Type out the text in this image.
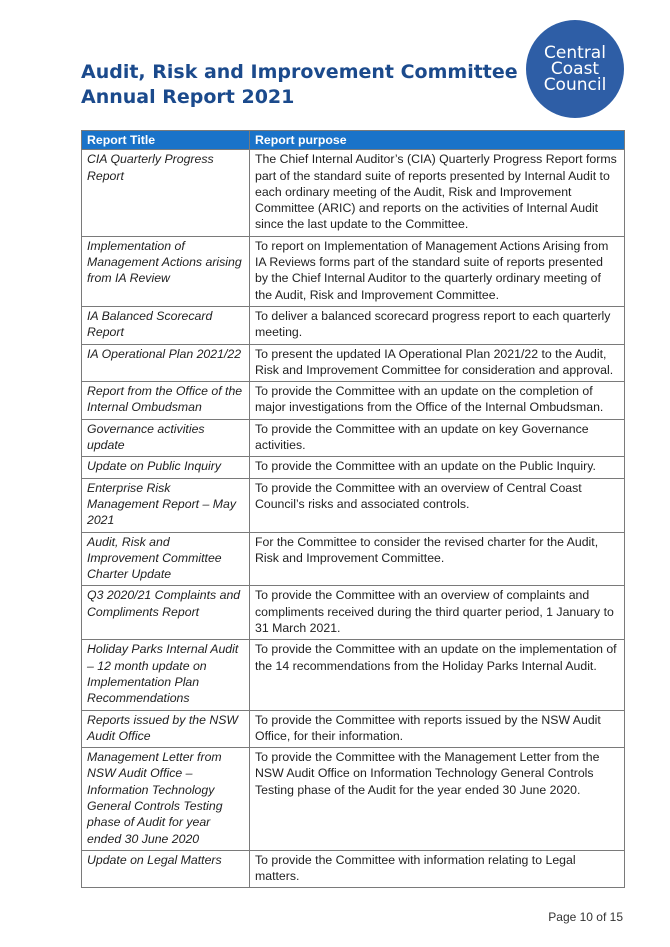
Audit, Risk and Improvement Committee
Annual Report 2021
Central
Coast
Council
Report Title	Report purpose
CIA Quarterly Progress Report	The Chief Internal Auditor’s (CIA) Quarterly Progress Report forms part of the standard suite of reports presented by Internal Audit to each ordinary meeting of the Audit, Risk and Improvement Committee (ARIC) and reports on the activities of Internal Audit since the last update to the Committee.
Implementation of Management Actions arising from IA Review	To report on Implementation of Management Actions Arising from IA Reviews forms part of the standard suite of reports presented by the Chief Internal Auditor to the quarterly ordinary meeting of the Audit, Risk and Improvement Committee.
IA Balanced Scorecard Report	To deliver a balanced scorecard progress report to each quarterly meeting.
IA Operational Plan 2021/22	To present the updated IA Operational Plan 2021/22 to the Audit, Risk and Improvement Committee for consideration and approval.
Report from the Office of the Internal Ombudsman	To provide the Committee with an update on the completion of major investigations from the Office of the Internal Ombudsman.
Governance activities update	To provide the Committee with an update on key Governance activities.
Update on Public Inquiry	To provide the Committee with an update on the Public Inquiry.
Enterprise Risk Management Report – May 2021	To provide the Committee with an overview of Central Coast Council’s risks and associated controls.
Audit, Risk and Improvement Committee Charter Update	For the Committee to consider the revised charter for the Audit, Risk and Improvement Committee.
Q3 2020/21 Complaints and Compliments Report	To provide the Committee with an overview of complaints and compliments received during the third quarter period, 1 January to 31 March 2021.
Holiday Parks Internal Audit – 12 month update on Implementation Plan Recommendations	To provide the Committee with an update on the implementation of the 14 recommendations from the Holiday Parks Internal Audit.
Reports issued by the NSW Audit Office	To provide the Committee with reports issued by the NSW Audit Office, for their information.
Management Letter from NSW Audit Office – Information Technology General Controls Testing phase of Audit for year ended 30 June 2020	To provide the Committee with the Management Letter from the NSW Audit Office on Information Technology General Controls Testing phase of the Audit for the year ended 30 June 2020.
Update on Legal Matters	To provide the Committee with information relating to Legal matters.
Page 10 of 15
